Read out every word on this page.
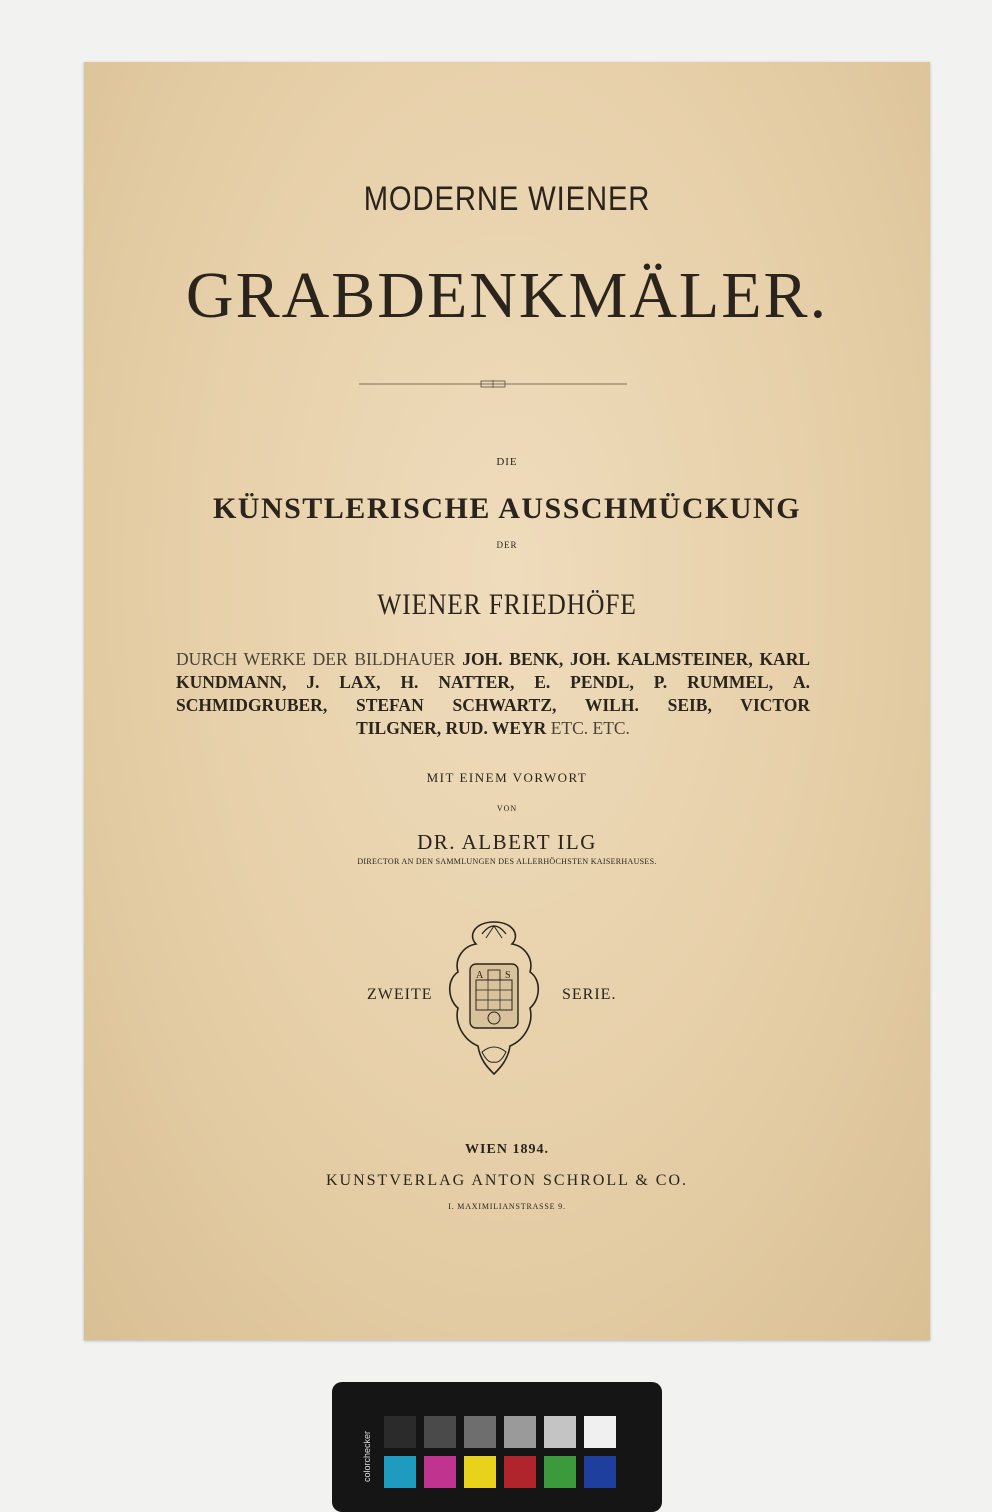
MODERNE WIENER
GRABDENKMÄLER.
DIE
KÜNSTLERISCHE AUSSCHMÜCKUNG
DER
WIENER FRIEDHÖFE
DURCH WERKE DER BILDHAUER JOH. BENK, JOH. KALMSTEINER, KARL KUNDMANN, J. LAX, H. NATTER, E. PENDL, P. RUMMEL, A. SCHMIDGRUBER, STEFAN SCHWARTZ, WILH. SEIB, VICTOR
TILGNER, RUD. WEYR ETC. ETC.
MIT EINEM VORWORT
VON
DR. ALBERT ILG
DIRECTOR AN DEN SAMMLUNGEN DES ALLERHÖCHSTEN KAISERHAUSES.
ZWEITE
A S
SERIE.
WIEN 1894.
KUNSTVERLAG ANTON SCHROLL & CO.
I. MAXIMILIANSTRASSE 9.
colorchecker
